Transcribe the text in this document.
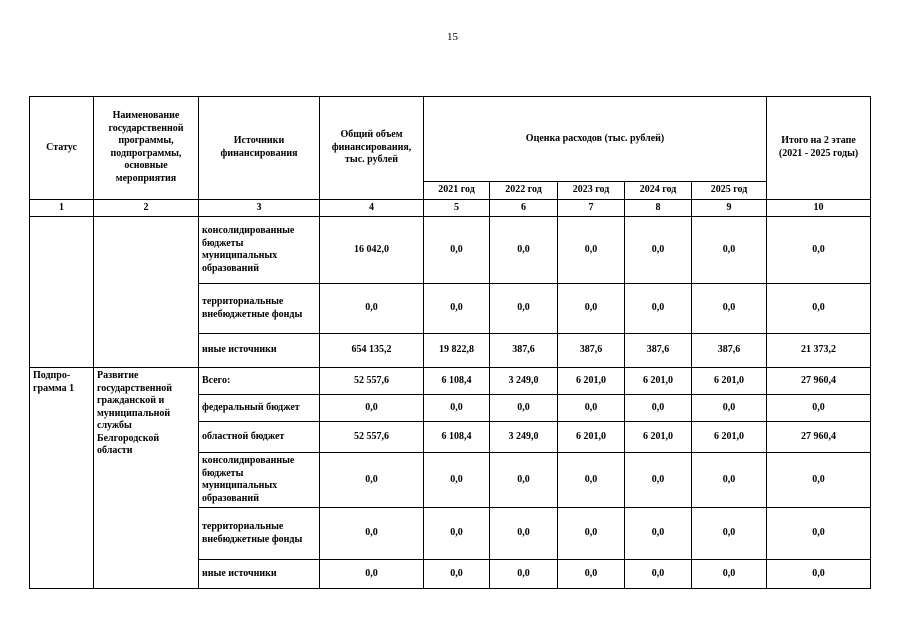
15
Статус	Наименование государственной программы, подпрограммы, основные мероприятия	Источники финансирования	Общий объем финансирования, тыс. рублей	Оценка расходов (тыс. рублей)					Итого на 2 этапе (2021 - 2025 годы)
				2021 год	2022 год	2023 год	2024 год	2025 год	
1	2	3	4	5	6	7	8	9	10
		консолидированные бюджеты муниципальных образований	16 042,0	0,0	0,0	0,0	0,0	0,0	0,0
		территориальные внебюджетные фонды	0,0	0,0	0,0	0,0	0,0	0,0	0,0
		иные источники	654 135,2	19 822,8	387,6	387,6	387,6	387,6	21 373,2
Подпро- грамма 1	Развитие государственной гражданской и муниципальной службы Белгородской области	Всего:	52 557,6	6 108,4	3 249,0	6 201,0	6 201,0	6 201,0	27 960,4
		федеральный бюджет	0,0	0,0	0,0	0,0	0,0	0,0	0,0
		областной бюджет	52 557,6	6 108,4	3 249,0	6 201,0	6 201,0	6 201,0	27 960,4
		консолидированные бюджеты муниципальных образований	0,0	0,0	0,0	0,0	0,0	0,0	0,0
		территориальные внебюджетные фонды	0,0	0,0	0,0	0,0	0,0	0,0	0,0
		иные источники	0,0	0,0	0,0	0,0	0,0	0,0	0,0
